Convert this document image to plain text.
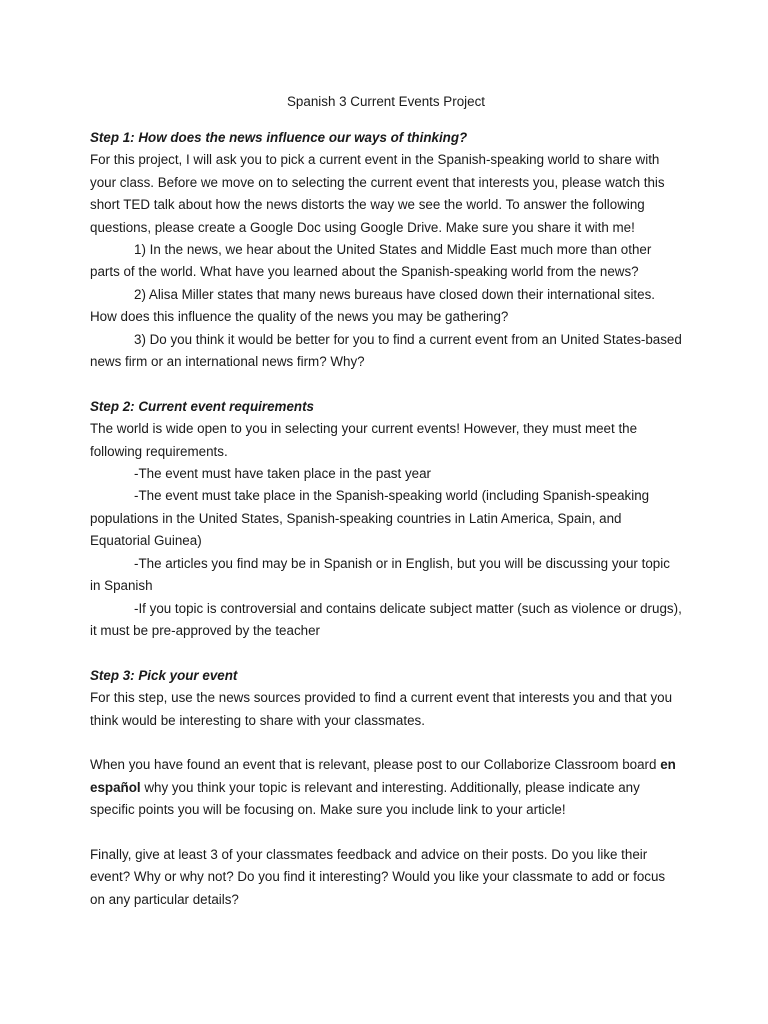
Spanish 3 Current Events Project

Step 1: How does the news influence our ways of thinking?

For this project, I will ask you to pick a current event in the Spanish-speaking world to share with your class. Before we move on to selecting the current event that interests you, please watch this short TED talk about how the news distorts the way we see the world. To answer the following questions, please create a Google Doc using Google Drive. Make sure you share it with me!

1) In the news, we hear about the United States and Middle East much more than other parts of the world. What have you learned about the Spanish-speaking world from the news?

2) Alisa Miller states that many news bureaus have closed down their international sites. How does this influence the quality of the news you may be gathering?

3) Do you think it would be better for you to find a current event from an United States-based news firm or an international news firm? Why?

Step 2: Current event requirements

The world is wide open to you in selecting your current events! However, they must meet the following requirements.

-The event must have taken place in the past year

-The event must take place in the Spanish-speaking world (including Spanish-speaking populations in the United States, Spanish-speaking countries in Latin America, Spain, and Equatorial Guinea)

-The articles you find may be in Spanish or in English, but you will be discussing your topic in Spanish

-If you topic is controversial and contains delicate subject matter (such as violence or drugs), it must be pre-approved by the teacher

Step 3: Pick your event

For this step, use the news sources provided to find a current event that interests you and that you think would be interesting to share with your classmates.

When you have found an event that is relevant, please post to our Collaborize Classroom board en español why you think your topic is relevant and interesting. Additionally, please indicate any specific points you will be focusing on. Make sure you include link to your article!

Finally, give at least 3 of your classmates feedback and advice on their posts. Do you like their event? Why or why not? Do you find it interesting? Would you like your classmate to add or focus on any particular details?
